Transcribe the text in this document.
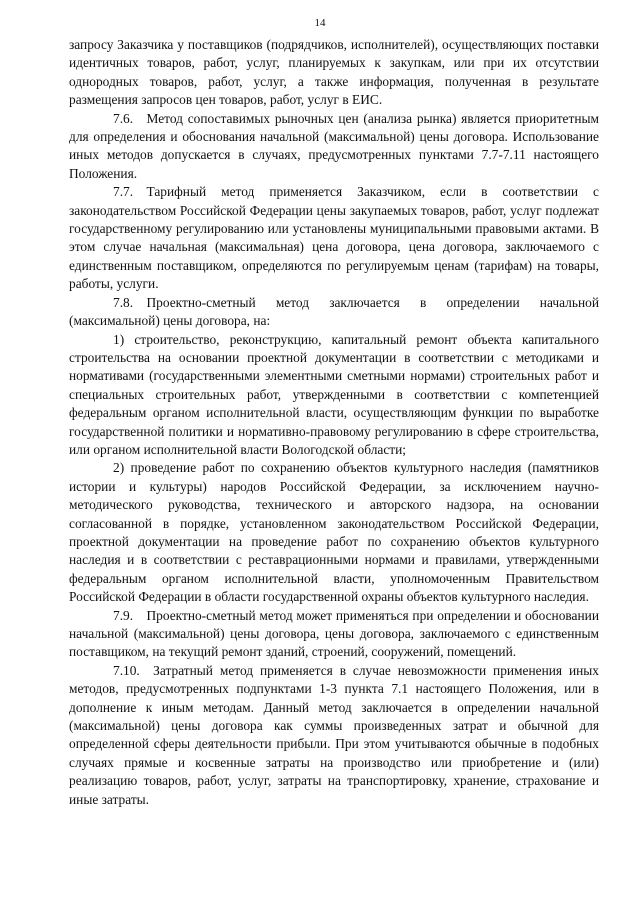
14

запросу Заказчика у поставщиков (подрядчиков, исполнителей), осуществляющих поставки идентичных товаров, работ, услуг, планируемых к закупкам, или при их отсутствии однородных товаров, работ, услуг, а также информация, полученная в результате размещения запросов цен товаров, работ, услуг в ЕИС.

7.6. Метод сопоставимых рыночных цен (анализа рынка) является приоритетным для определения и обоснования начальной (максимальной) цены договора. Использование иных методов допускается в случаях, предусмотренных пунктами 7.7-7.11 настоящего Положения.

7.7. Тарифный метод применяется Заказчиком, если в соответствии с законодательством Российской Федерации цены закупаемых товаров, работ, услуг подлежат государственному регулированию или установлены муниципальными правовыми актами. В этом случае начальная (максимальная) цена договора, цена договора, заключаемого с единственным поставщиком, определяются по регулируемым ценам (тарифам) на товары, работы, услуги.

7.8. Проектно-сметный метод заключается в определении начальной (максимальной) цены договора, на:

1) строительство, реконструкцию, капитальный ремонт объекта капитального строительства на основании проектной документации в соответствии с методиками и нормативами (государственными элементными сметными нормами) строительных работ и специальных строительных работ, утвержденными в соответствии с компетенцией федеральным органом исполнительной власти, осуществляющим функции по выработке государственной политики и нормативно-правовому регулированию в сфере строительства, или органом исполнительной власти Вологодской области;

2) проведение работ по сохранению объектов культурного наследия (памятников истории и культуры) народов Российской Федерации, за исключением научно-методического руководства, технического и авторского надзора, на основании согласованной в порядке, установленном законодательством Российской Федерации, проектной документации на проведение работ по сохранению объектов культурного наследия и в соответствии с реставрационными нормами и правилами, утвержденными федеральным органом исполнительной власти, уполномоченным Правительством Российской Федерации в области государственной охраны объектов культурного наследия.

7.9. Проектно-сметный метод может применяться при определении и обосновании начальной (максимальной) цены договора, цены договора, заключаемого с единственным поставщиком, на текущий ремонт зданий, строений, сооружений, помещений.

7.10. Затратный метод применяется в случае невозможности применения иных методов, предусмотренных подпунктами 1-3 пункта 7.1 настоящего Положения, или в дополнение к иным методам. Данный метод заключается в определении начальной (максимальной) цены договора как суммы произведенных затрат и обычной для определенной сферы деятельности прибыли. При этом учитываются обычные в подобных случаях прямые и косвенные затраты на производство или приобретение и (или) реализацию товаров, работ, услуг, затраты на транспортировку, хранение, страхование и иные затраты.
